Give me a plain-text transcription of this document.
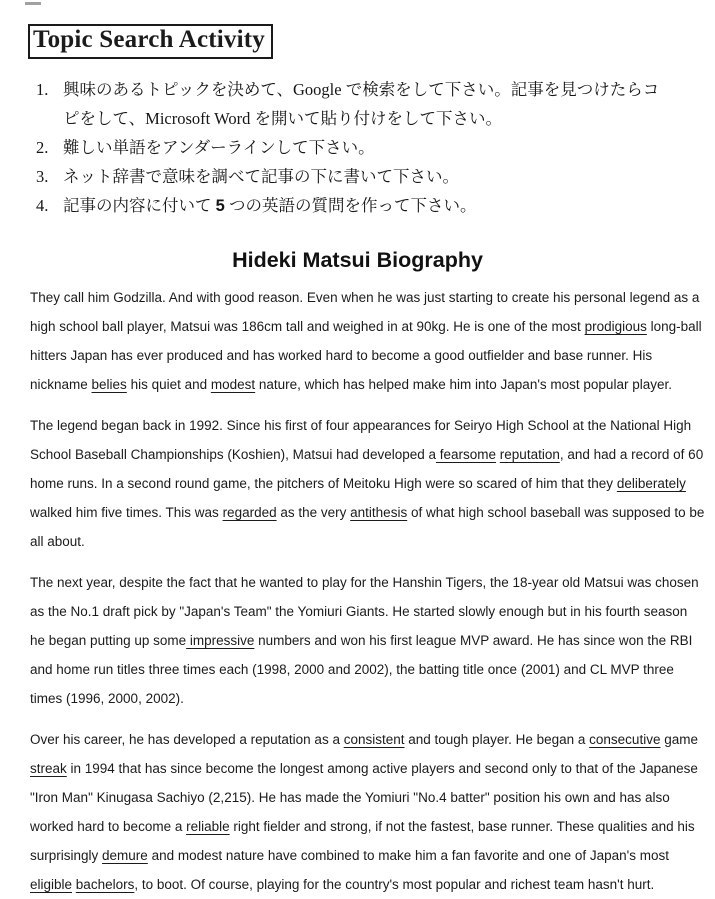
Topic Search Activity
1. 興味のあるトピックを決めて、Google で検索をして下さい。記事を見つけたらコピをして、Microsoft Word を開いて貼り付けをして下さい。
2. 難しい単語をアンダーラインして下さい。
3. ネット辞書で意味を調べて記事の下に書いて下さい。
4. 記事の内容に付いて 5 つの英語の質問を作って下さい。
Hideki Matsui Biography

They call him Godzilla. And with good reason. Even when he was just starting to create his personal legend as a high school ball player, Matsui was 186cm tall and weighed in at 90kg. He is one of the most prodigious long-ball hitters Japan has ever produced and has worked hard to become a good outfielder and base runner. His nickname belies his quiet and modest nature, which has helped make him into Japan's most popular player.

The legend began back in 1992. Since his first of four appearances for Seiryo High School at the National High School Baseball Championships (Koshien), Matsui had developed a fearsome reputation, and had a record of 60 home runs. In a second round game, the pitchers of Meitoku High were so scared of him that they deliberately walked him five times. This was regarded as the very antithesis of what high school baseball was supposed to be all about.

The next year, despite the fact that he wanted to play for the Hanshin Tigers, the 18-year old Matsui was chosen as the No.1 draft pick by "Japan's Team" the Yomiuri Giants. He started slowly enough but in his fourth season he began putting up some impressive numbers and won his first league MVP award. He has since won the RBI and home run titles three times each (1998, 2000 and 2002), the batting title once (2001) and CL MVP three times (1996, 2000, 2002).

Over his career, he has developed a reputation as a consistent and tough player. He began a consecutive game streak in 1994 that has since become the longest among active players and second only to that of the Japanese "Iron Man" Kinugasa Sachiyo (2,215). He has made the Yomiuri "No.4 batter" position his own and has also worked hard to become a reliable right fielder and strong, if not the fastest, base runner. These qualities and his surprisingly demure and modest nature have combined to make him a fan favorite and one of Japan's most eligible bachelors, to boot. Of course, playing for the country's most popular and richest team hasn't hurt.
